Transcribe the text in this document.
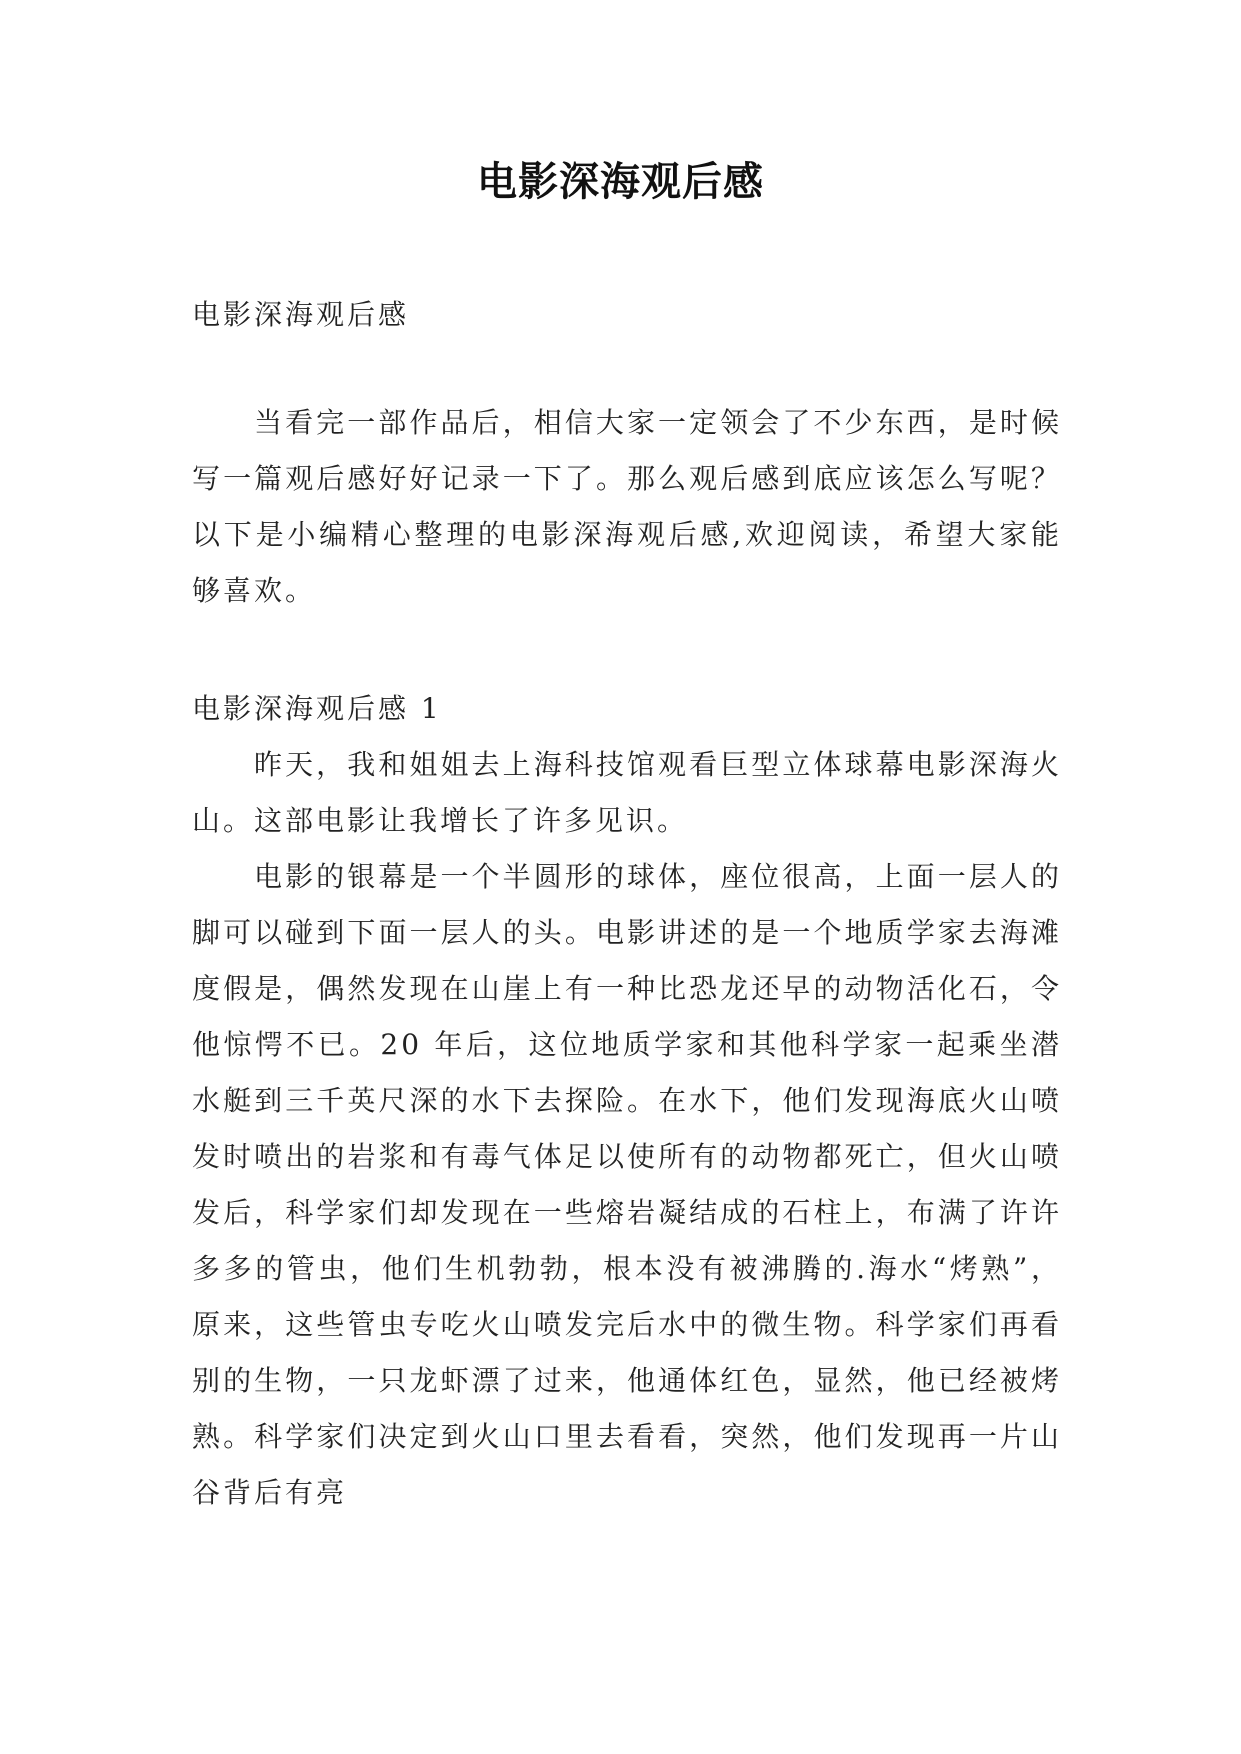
电影深海观后感

电影深海观后感

当看完一部作品后，相信大家一定领会了不少东西，是时候写一篇观后感好好记录一下了。那么观后感到底应该怎么写呢？以下是小编精心整理的电影深海观后感,欢迎阅读，希望大家能够喜欢。

电影深海观后感 1

昨天，我和姐姐去上海科技馆观看巨型立体球幕电影深海火山。这部电影让我增长了许多见识。

电影的银幕是一个半圆形的球体，座位很高，上面一层人的脚可以碰到下面一层人的头。电影讲述的是一个地质学家去海滩度假是，偶然发现在山崖上有一种比恐龙还早的动物活化石，令他惊愕不已。20 年后，这位地质学家和其他科学家一起乘坐潜水艇到三千英尺深的水下去探险。在水下，他们发现海底火山喷发时喷出的岩浆和有毒气体足以使所有的动物都死亡，但火山喷发后，科学家们却发现在一些熔岩凝结成的石柱上，布满了许许多多的管虫，他们生机勃勃，根本没有被沸腾的.海水“烤熟”，原来，这些管虫专吃火山喷发完后水中的微生物。科学家们再看别的生物，一只龙虾漂了过来，他通体红色，显然，他已经被烤熟。科学家们决定到火山口里去看看，突然，他们发现再一片山谷背后有亮
